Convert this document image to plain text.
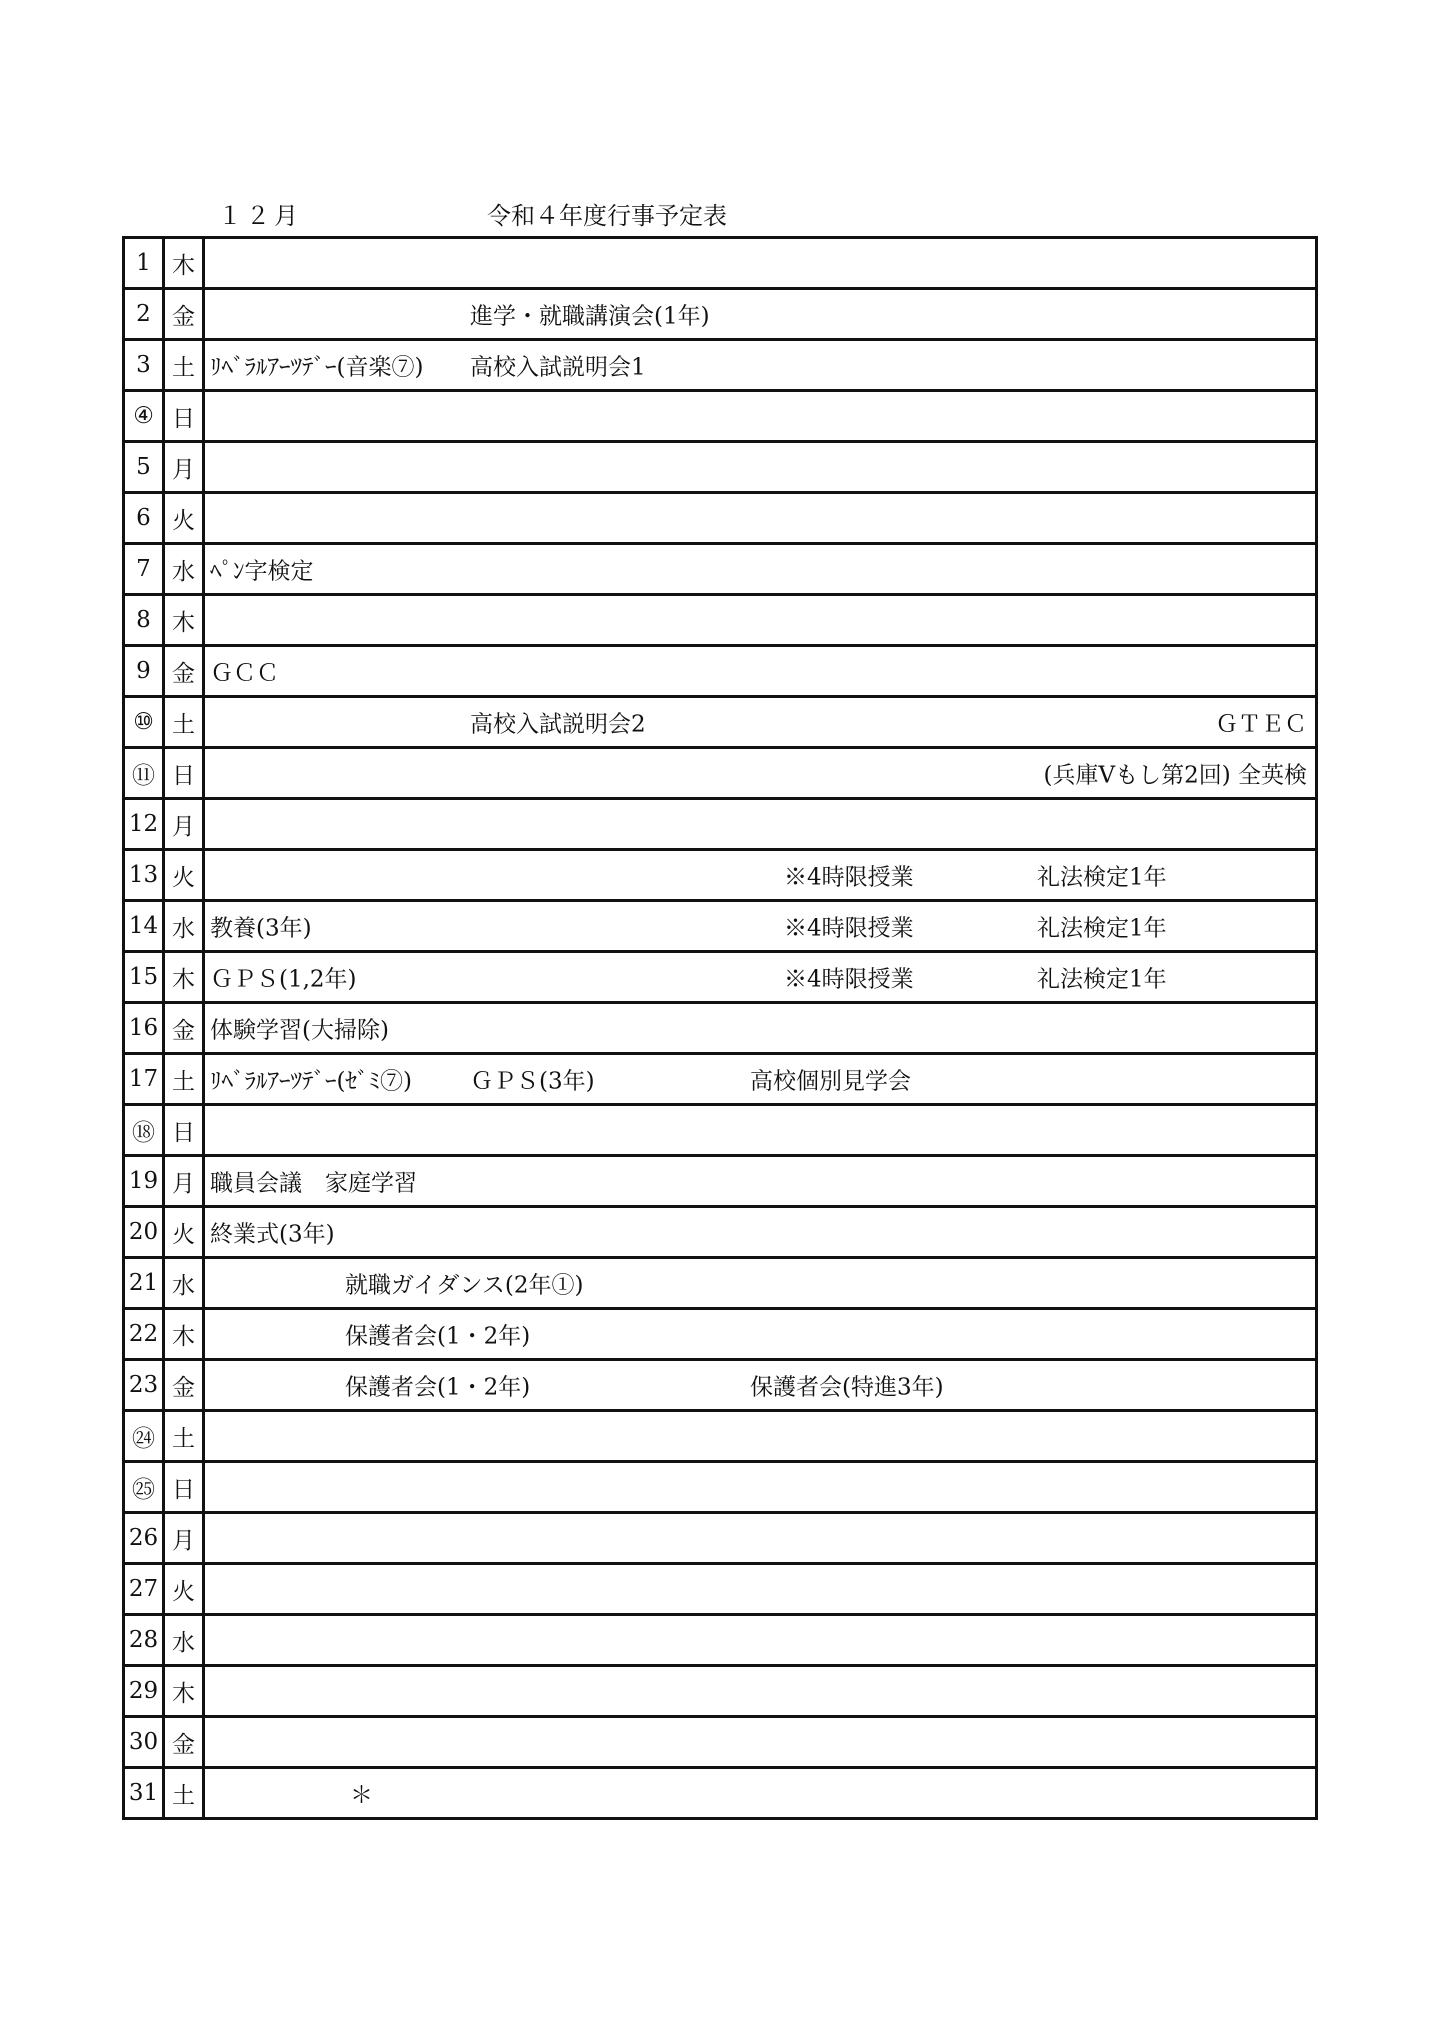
１２月	令和４年度行事予定表
1	木	
2	金	進学・就職講演会(1年)

3	土	ﾘﾍﾞﾗﾙｱｰﾂﾃﾞｰ(音楽⑦) 高校入試説明会1

④	日	
5	月	
6	火	
7	水	ﾍﾟﾝ字検定

8	木	
9	金	ＧＣＣ

⑩	土	高校入試説明会2 ＧＴＥＣ

⑪	日	(兵庫Vもし第2回) 全英検

12	月	
13	火	※4時限授業 礼法検定1年

14	水	教養(3年) ※4時限授業 礼法検定1年

15	木	ＧＰＳ(1,2年) ※4時限授業 礼法検定1年

16	金	体験学習(大掃除)

17	土	ﾘﾍﾞﾗﾙｱｰﾂﾃﾞｰ(ｾﾞﾐ⑦) ＧＰＳ(3年) 高校個別見学会

⑱	日	
19	月	職員会議　家庭学習

20	火	終業式(3年)

21	水	就職ガイダンス(2年①)

22	木	保護者会(1・2年)

23	金	保護者会(1・2年) 保護者会(特進3年)

㉔	土	
㉕	日	
26	月	
27	火	
28	水	
29	木	
30	金	
31	土	＊
